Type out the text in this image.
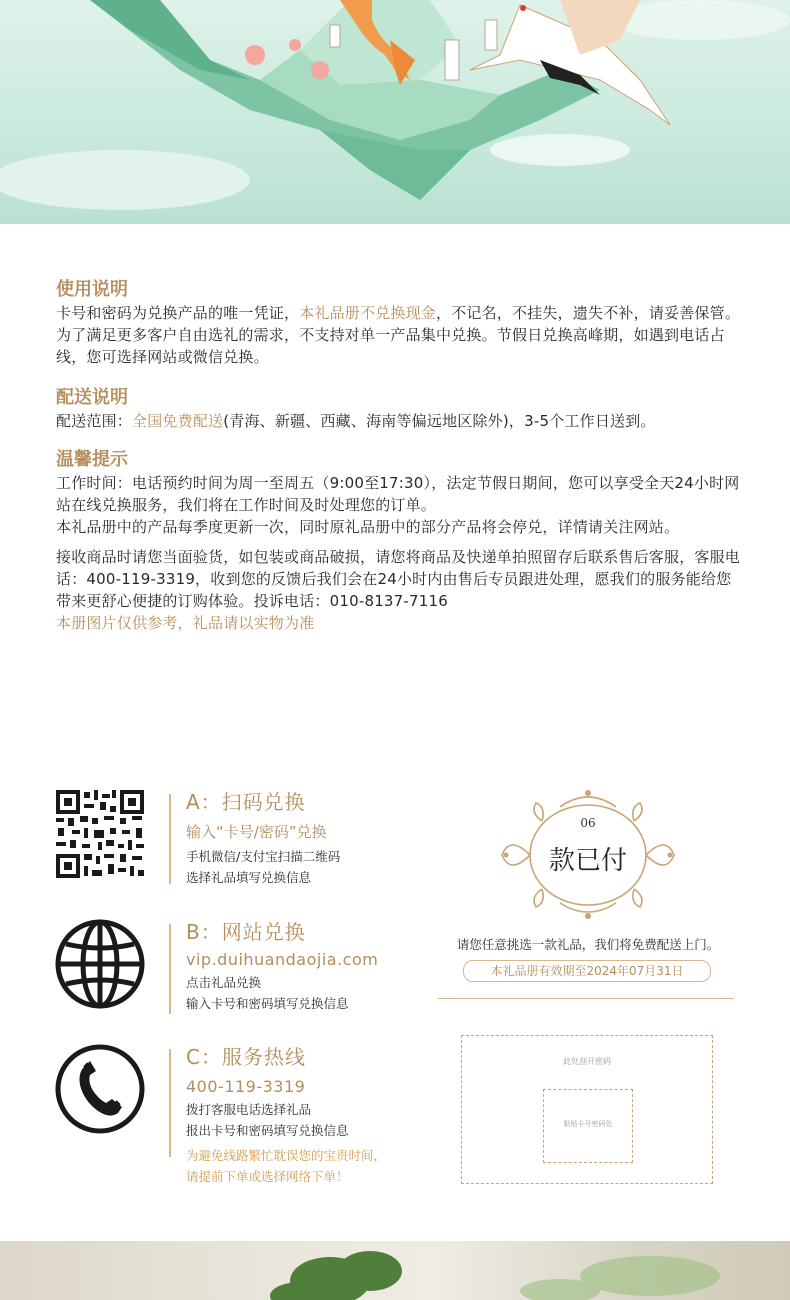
使用说明

卡号和密码为兑换产品的唯一凭证，本礼品册不兑换现金，不记名，不挂失，遗失不补，请妥善保管。为了满足更多客户自由选礼的需求，不支持对单一产品集中兑换。节假日兑换高峰期，如遇到电话占线，您可选择网站或微信兑换。

配送说明

配送范围：全国免费配送(青海、新疆、西藏、海南等偏远地区除外)，3-5个工作日送到。

温馨提示

工作时间：电话预约时间为周一至周五（9:00至17:30），法定节假日期间，您可以享受全天24小时网站在线兑换服务，我们将在工作时间及时处理您的订单。

本礼品册中的产品每季度更新一次，同时原礼品册中的部分产品将会停兑，详情请关注网站。

接收商品时请您当面验货，如包装或商品破损，请您将商品及快递单拍照留存后联系售后客服，客服电话：400-119-3319，收到您的反馈后我们会在24小时内由售后专员跟进处理，愿我们的服务能给您带来更舒心便捷的订购体验。投诉电话：010-8137-7116

本册图片仅供参考，礼品请以实物为准

A：扫码兑换
输入“卡号/密码”兑换
手机微信/支付宝扫描二维码
选择礼品填写兑换信息
B：网站兑换
vip.duihuandaojia.com
点击礼品兑换
输入卡号和密码填写兑换信息
C：服务热线
400-119-3319
拨打客服电话选择礼品
报出卡号和密码填写兑换信息
为避免线路繁忙耽误您的宝贵时间，
请提前下单或选择网络下单！
06
款已付
请您任意挑选一款礼品，我们将免费配送上门。
本礼品册有效期至2024年07月31日
此处刮开密码
粘贴卡号密码处
